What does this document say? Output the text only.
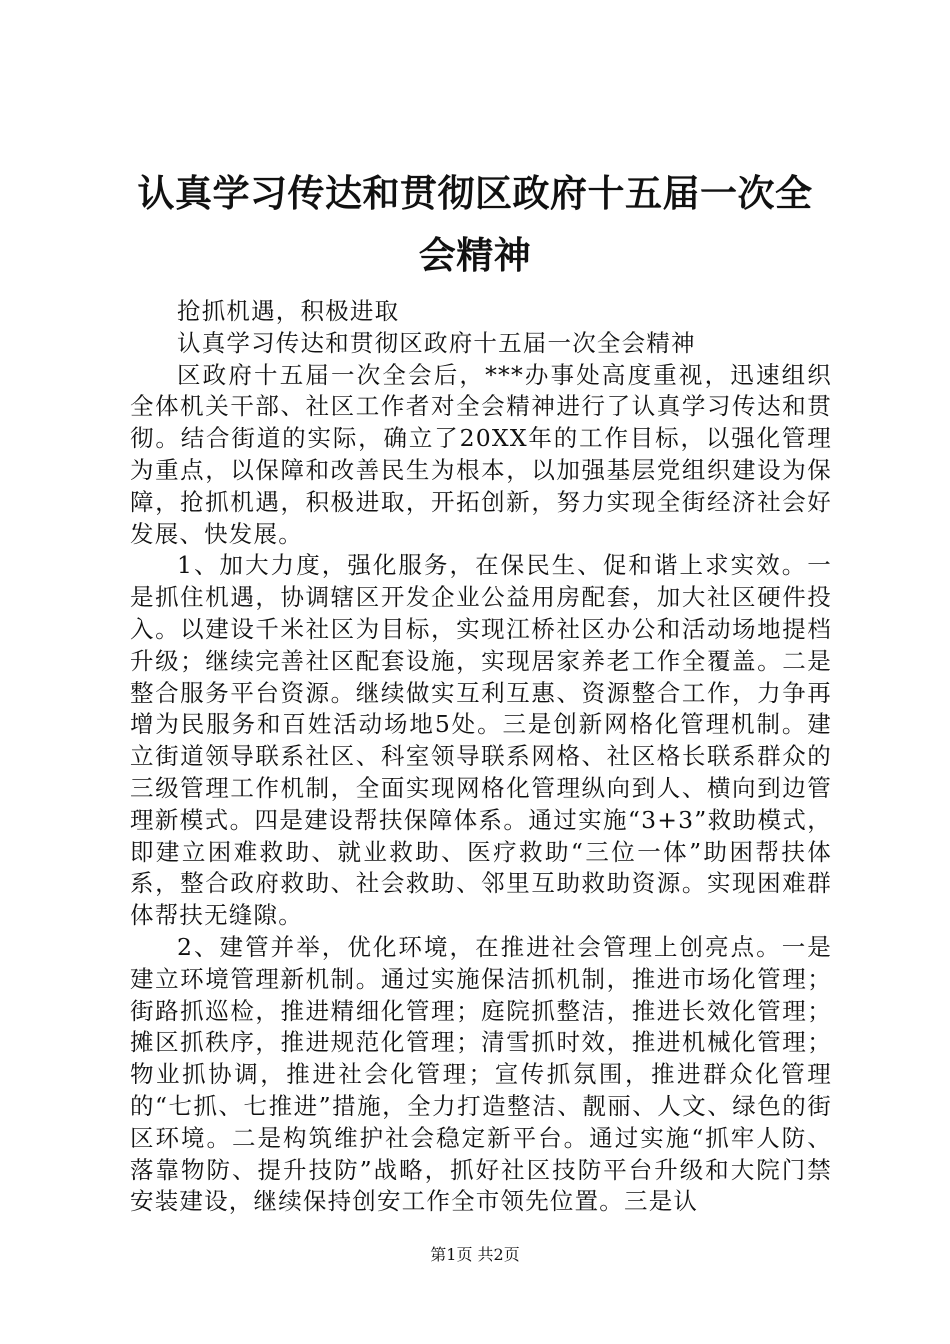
认真学习传达和贯彻区政府十五届一次全会精神

抢抓机遇，积极进取

认真学习传达和贯彻区政府十五届一次全会精神

区政府十五届一次全会后，***办事处高度重视，迅速组织全体机关干部、社区工作者对全会精神进行了认真学习传达和贯彻。结合街道的实际，确立了20XX年的工作目标，以强化管理为重点，以保障和改善民生为根本，以加强基层党组织建设为保障，抢抓机遇，积极进取，开拓创新，努力实现全街经济社会好发展、快发展。

1、加大力度，强化服务，在保民生、促和谐上求实效。一是抓住机遇，协调辖区开发企业公益用房配套，加大社区硬件投入。以建设千米社区为目标，实现江桥社区办公和活动场地提档升级；继续完善社区配套设施，实现居家养老工作全覆盖。二是整合服务平台资源。继续做实互利互惠、资源整合工作，力争再增为民服务和百姓活动场地5处。三是创新网格化管理机制。建立街道领导联系社区、科室领导联系网格、社区格长联系群众的三级管理工作机制，全面实现网格化管理纵向到人、横向到边管理新模式。四是建设帮扶保障体系。通过实施“3+3”救助模式，即建立困难救助、就业救助、医疗救助“三位一体”助困帮扶体系，整合政府救助、社会救助、邻里互助救助资源。实现困难群体帮扶无缝隙。

2、建管并举，优化环境，在推进社会管理上创亮点。一是建立环境管理新机制。通过实施保洁抓机制，推进市场化管理；街路抓巡检，推进精细化管理；庭院抓整洁，推进长效化管理；摊区抓秩序，推进规范化管理；清雪抓时效，推进机械化管理；物业抓协调，推进社会化管理；宣传抓氛围，推进群众化管理的“七抓、七推进”措施，全力打造整洁、靓丽、人文、绿色的街区环境。二是构筑维护社会稳定新平台。通过实施“抓牢人防、落靠物防、提升技防”战略，抓好社区技防平台升级和大院门禁安装建设，继续保持创安工作全市领先位置。三是认

第1页 共2页
